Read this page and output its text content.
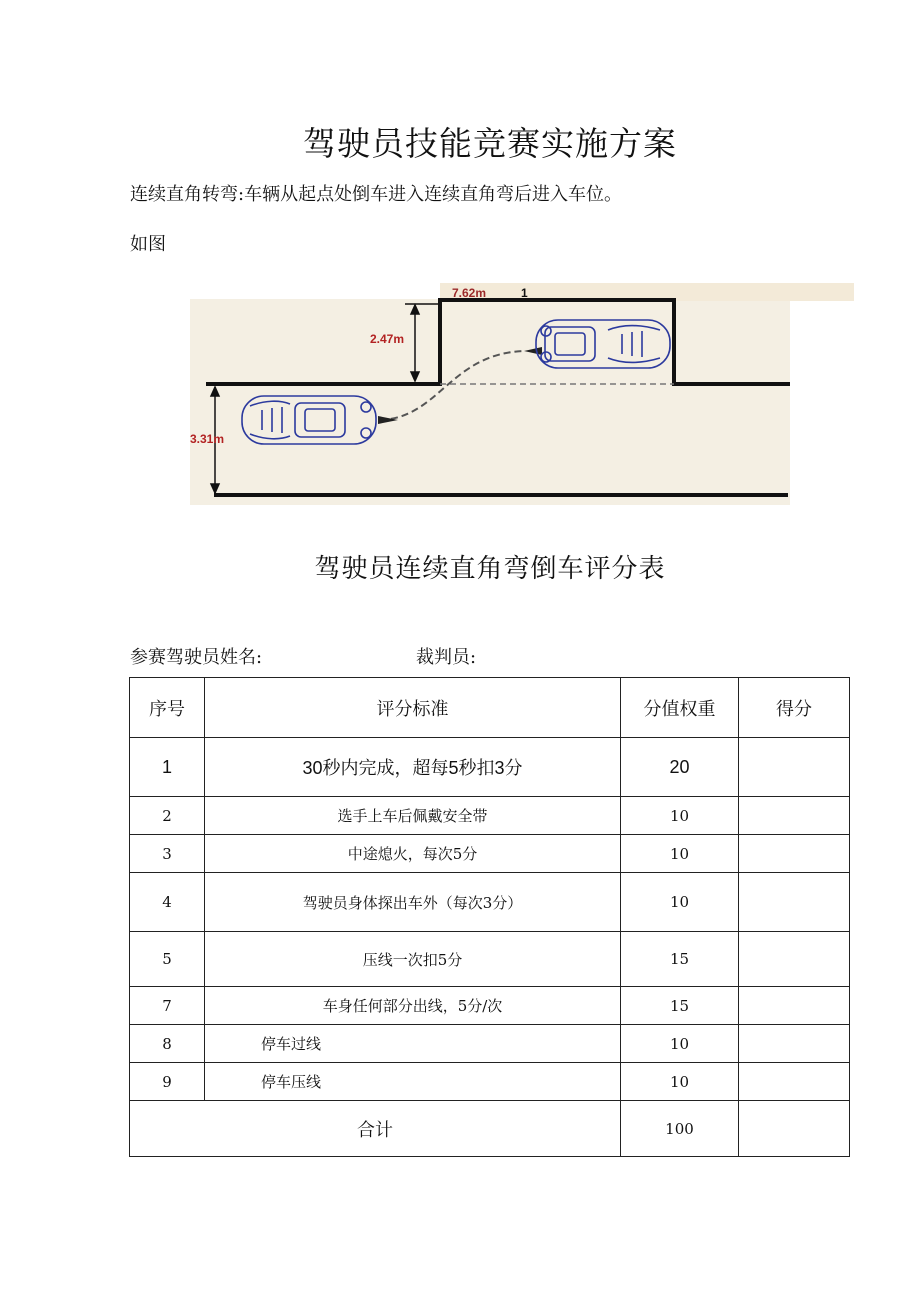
驾驶员技能竞赛实施方案
连续直角转弯:车辆从起点处倒车进入连续直角弯后进入车位。
如图
7.62m	1
2.47m
3.31m
驾驶员连续直角弯倒车评分表
参赛驾驶员姓名:	裁判员:
序号	评分标准	分值权重	得分
1	30秒内完成，超每5秒扣3分	20	
2	选手上车后佩戴安全带	10	
3	中途熄火，每次5分	10	
4	驾驶员身体探出车外（每次3分）	10	
5	压线一次扣5分	15	
7	车身任何部分出线，5分/次	15	
8	停车过线	10	
9	停车压线	10	
合计		100	
